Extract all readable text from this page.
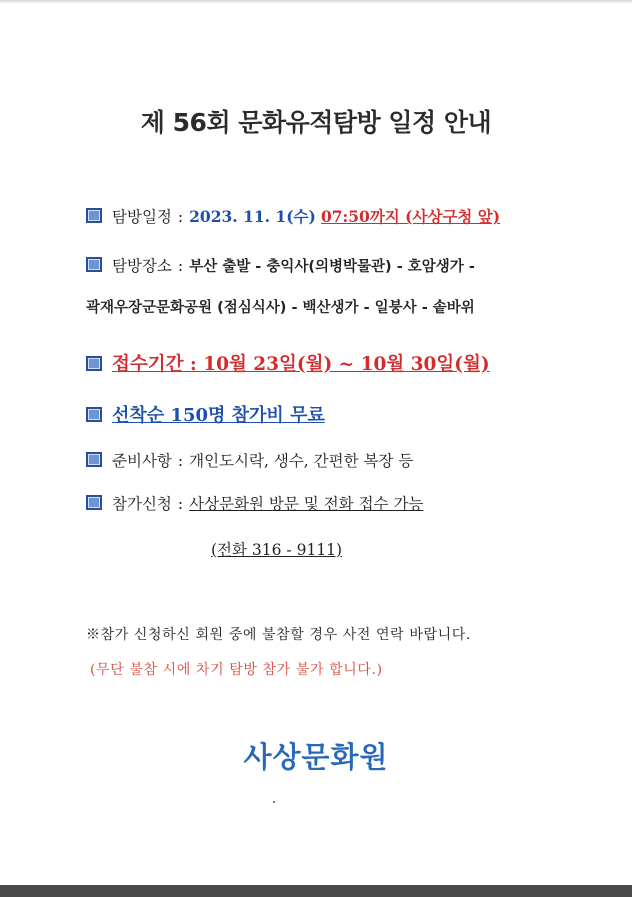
제 56회 문화유적탐방 일정 안내
탐방일정 : 2023. 11. 1(수) 07:50까지 (사상구청 앞)
탐방장소 : 부산 출발 - 충익사(의병박물관) - 호암생가 -
곽재우장군문화공원 (점심식사) - 백산생가 - 일붕사 - 솥바위
접수기간 : 10월 23일(월) ~ 10월 30일(월)
선착순 150명 참가비 무료
준비사항 : 개인도시락, 생수, 간편한 복장 등
참가신청 : 사상문화원 방문 및 전화 접수 가능
(전화 316 - 9111)
※참가 신청하신 회원 중에 불참할 경우 사전 연락 바랍니다.
(무단 불참 시에 차기 탐방 참가 불가 합니다.)
사상문화원
